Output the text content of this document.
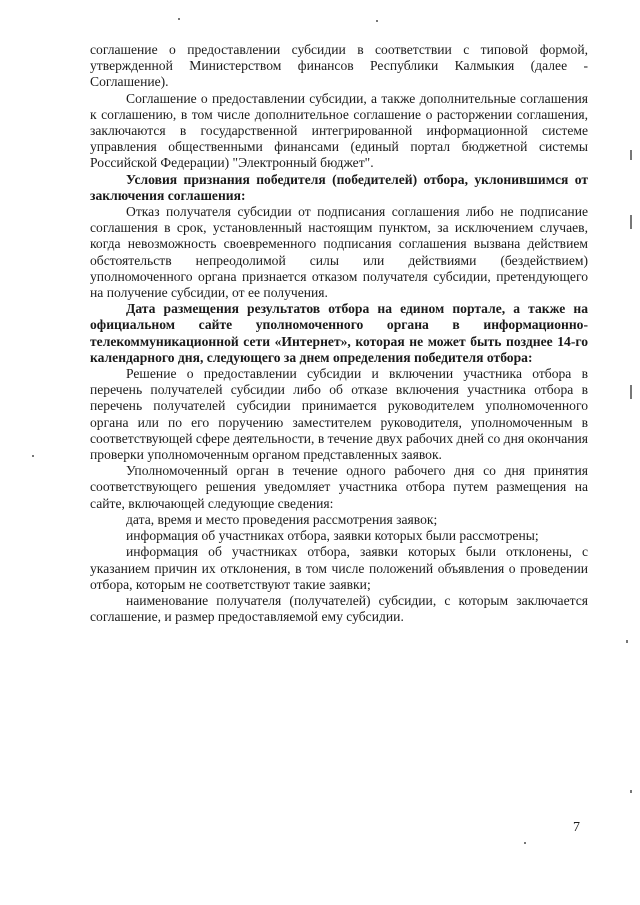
соглашение о предоставлении субсидии в соответствии с типовой формой, утвержденной Министерством финансов Республики Калмыкия (далее - Соглашение).

Соглашение о предоставлении субсидии, а также дополнительные соглашения к соглашению, в том числе дополнительное соглашение о расторжении соглашения, заключаются в государственной интегрированной информационной системе управления общественными финансами (единый портал бюджетной системы Российской Федерации) "Электронный бюджет".

Условия признания победителя (победителей) отбора, уклонившимся от заключения соглашения:

Отказ получателя субсидии от подписания соглашения либо не подписание соглашения в срок, установленный настоящим пунктом, за исключением случаев, когда невозможность своевременного подписания соглашения вызвана действием обстоятельств непреодолимой силы или действиями (бездействием) уполномоченного органа признается отказом получателя субсидии, претендующего на получение субсидии, от ее получения.

Дата размещения результатов отбора на едином портале, а также на официальном сайте уполномоченного органа в информационно-телекоммуникационной сети «Интернет», которая не может быть позднее 14-го календарного дня, следующего за днем определения победителя отбора:

Решение о предоставлении субсидии и включении участника отбора в перечень получателей субсидии либо об отказе включения участника отбора в перечень получателей субсидии принимается руководителем уполномоченного органа или по его поручению заместителем руководителя, уполномоченным в соответствующей сфере деятельности, в течение двух рабочих дней со дня окончания проверки уполномоченным органом представленных заявок.

Уполномоченный орган в течение одного рабочего дня со дня принятия соответствующего решения уведомляет участника отбора путем размещения на сайте, включающей следующие сведения:

дата, время и место проведения рассмотрения заявок;

информация об участниках отбора, заявки которых были рассмотрены;

информация об участниках отбора, заявки которых были отклонены, с указанием причин их отклонения, в том числе положений объявления о проведении отбора, которым не соответствуют такие заявки;

наименование получателя (получателей) субсидии, с которым заключается соглашение, и размер предоставляемой ему субсидии.

7
